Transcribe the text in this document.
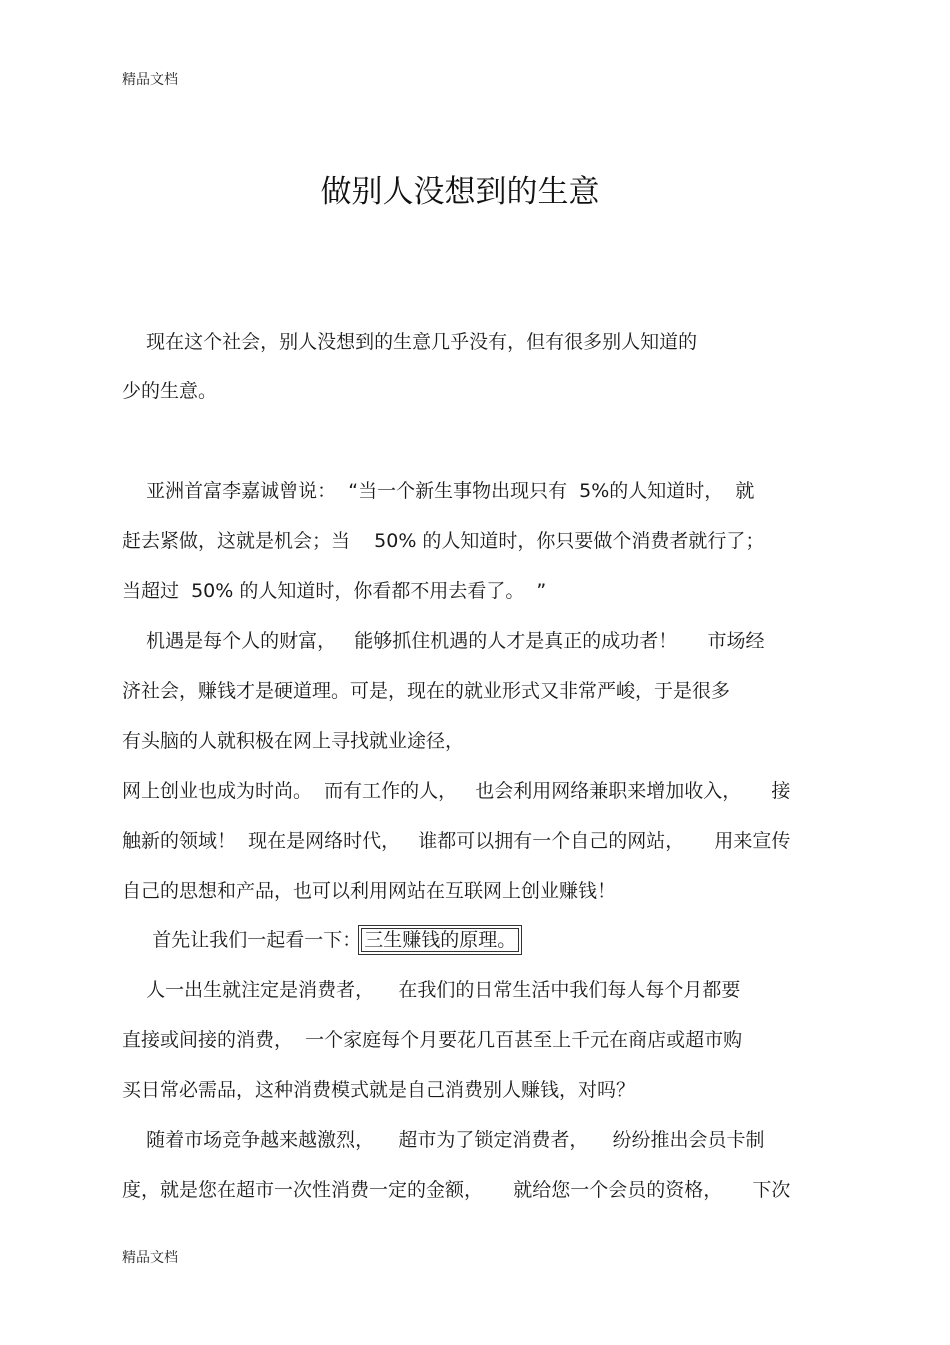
精品文档
做别人没想到的生意
现在这个社会，别人没想到的生意几乎没有，但有很多别人知道的
少的生意。
亚洲首富李嘉诚曾说：  “当一个新生事物出现只有  5%的人知道时，  就
赶去紧做，这就是机会；当    50% 的人知道时，你只要做个消费者就行了；
当超过  50% 的人知道时，你看都不用去看了。  ”
机遇是每个人的财富，   能够抓住机遇的人才是真正的成功者！     市场经
济社会，赚钱才是硬道理。可是，现在的就业形式又非常严峻，于是很多
有头脑的人就积极在网上寻找就业途径，
网上创业也成为时尚。  而有工作的人，   也会利用网络兼职来增加收入，     接
触新的领域！  现在是网络时代，   谁都可以拥有一个自己的网站，     用来宣传
自己的思想和产品，也可以利用网站在互联网上创业赚钱！
首先让我们一起看一下： 三生赚钱的原理。
人一出生就注定是消费者，    在我们的日常生活中我们每人每个月都要
直接或间接的消费，  一个家庭每个月要花几百甚至上千元在商店或超市购
买日常必需品，这种消费模式就是自己消费别人赚钱，对吗？
随着市场竞争越来越激烈，    超市为了锁定消费者，    纷纷推出会员卡制
度，就是您在超市一次性消费一定的金额，     就给您一个会员的资格，     下次
精品文档
